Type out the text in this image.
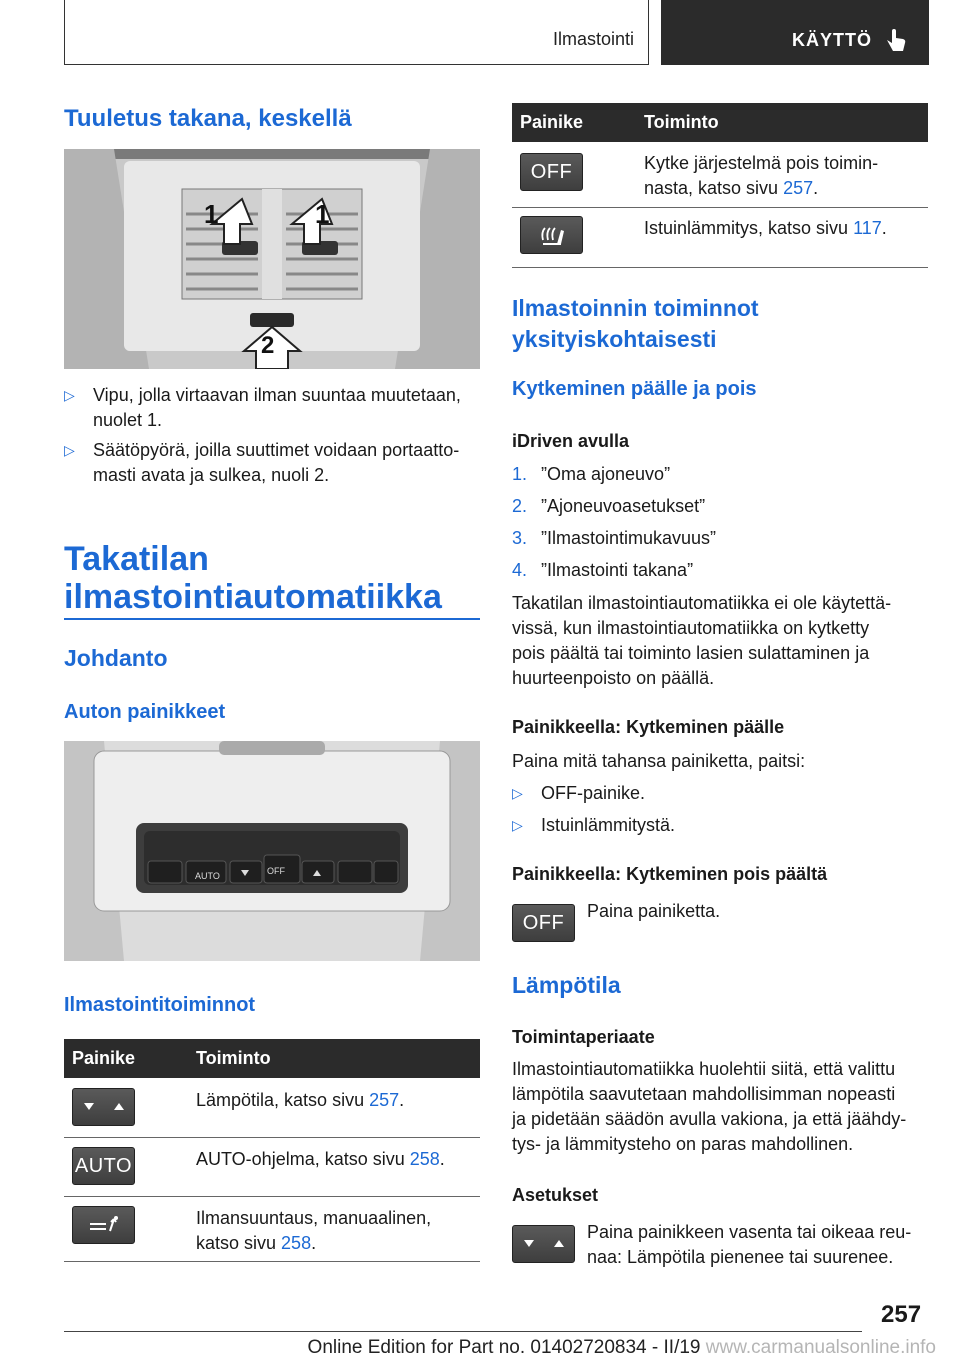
Ilmastointi	KÄYTTÖ
Tuuletus takana, keskellä
1	1
2
▷ Vipu, jolla virtaavan ilman suuntaa muutetaan,
nuolet 1.
▷ Säätöpyörä, joilla suuttimet voidaan portaatto-
masti avata ja sulkea, nuoli 2.
Takatilan
ilmastointiautomatiikka
Johdanto
Auton painikkeet
AUTO	OFF
Ilmastointitoiminnot
Painike	Toiminto
Lämpötila, katso sivu 257.
AUTO	AUTO-ohjelma, katso sivu 258.
Ilmansuuntaus, manuaalinen,
katso sivu 258.
Painike	Toiminto
OFF	Kytke järjestelmä pois toimin-
nasta, katso sivu 257.
Istuinlämmitys, katso sivu 117.
Ilmastoinnin toiminnot
yksityiskohtaisesti
Kytkeminen päälle ja pois
iDriven avulla
1. ”Oma ajoneuvo”
2. ”Ajoneuvoasetukset”
3. ”Ilmastointimukavuus”
4. ”Ilmastointi takana”
Takatilan ilmastointiautomatiikka ei ole käytettä-
vissä, kun ilmastointiautomatiikka on kytketty
pois päältä tai toiminto lasien sulattaminen ja
huurteenpoisto on päällä.
Painikkeella: Kytkeminen päälle
Paina mitä tahansa painiketta, paitsi:
▷ OFF-painike.
▷ Istuinlämmitystä.
Painikkeella: Kytkeminen pois päältä
OFF
Paina painiketta.
Lämpötila
Toimintaperiaate
Ilmastointiautomatiikka huolehtii siitä, että valittu
lämpötila saavutetaan mahdollisimman nopeasti
ja pidetään säädön avulla vakiona, ja että jäähdy-
tys- ja lämmitysteho on paras mahdollinen.
Asetukset
Paina painikkeen vasenta tai oikeaa reu-
naa: Lämpötila pienenee tai suurenee.
257
Online Edition for Part no. 01402720834 - II/19 www.carmanualsonline.info
